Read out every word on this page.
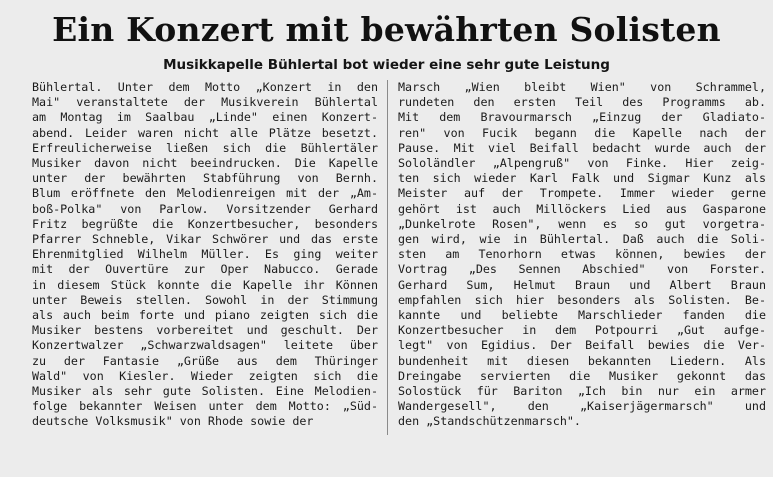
Ein Konzert mit bewährten Solisten
Musikkapelle Bühlertal bot wieder eine sehr gute Leistung
Bühlertal. Unter dem Motto „Konzert in den
Mai" veranstaltete der Musikverein Bühlertal
am Montag im Saalbau „Linde" einen Konzert-
abend. Leider waren nicht alle Plätze besetzt.
Erfreulicherweise ließen sich die Bühlertäler
Musiker davon nicht beeindrucken. Die Kapelle
unter der bewährten Stabführung von Bernh.
Blum eröffnete den Melodienreigen mit der „Am-
boß-Polka" von Parlow. Vorsitzender Gerhard
Fritz begrüßte die Konzertbesucher, besonders
Pfarrer Schneble, Vikar Schwörer und das erste
Ehrenmitglied Wilhelm Müller. Es ging weiter
mit der Ouvertüre zur Oper Nabucco. Gerade
in diesem Stück konnte die Kapelle ihr Können
unter Beweis stellen. Sowohl in der Stimmung
als auch beim forte und piano zeigten sich die
Musiker bestens vorbereitet und geschult. Der
Konzertwalzer „Schwarzwaldsagen" leitete über
zu der Fantasie „Grüße aus dem Thüringer
Wald" von Kiesler. Wieder zeigten sich die
Musiker als sehr gute Solisten. Eine Melodien-
folge bekannter Weisen unter dem Motto: „Süd-
deutsche Volksmusik" von Rhode sowie der
Marsch „Wien bleibt Wien" von Schrammel,
rundeten den ersten Teil des Programms ab.
Mit dem Bravourmarsch „Einzug der Gladiato-
ren" von Fucik begann die Kapelle nach der
Pause. Mit viel Beifall bedacht wurde auch der
Sololändler „Alpengruß" von Finke. Hier zeig-
ten sich wieder Karl Falk und Sigmar Kunz als
Meister auf der Trompete. Immer wieder gerne
gehört ist auch Millöckers Lied aus Gasparone
„Dunkelrote Rosen", wenn es so gut vorgetra-
gen wird, wie in Bühlertal. Daß auch die Soli-
sten am Tenorhorn etwas können, bewies der
Vortrag „Des Sennen Abschied" von Forster.
Gerhard Sum, Helmut Braun und Albert Braun
empfahlen sich hier besonders als Solisten. Be-
kannte und beliebte Marschlieder fanden die
Konzertbesucher in dem Potpourri „Gut aufge-
legt" von Egidius. Der Beifall bewies die Ver-
bundenheit mit diesen bekannten Liedern. Als
Dreingabe servierten die Musiker gekonnt das
Solostück für Bariton „Ich bin nur ein armer
Wandergesell", den „Kaiserjägermarsch" und
den „Standschützenmarsch".
